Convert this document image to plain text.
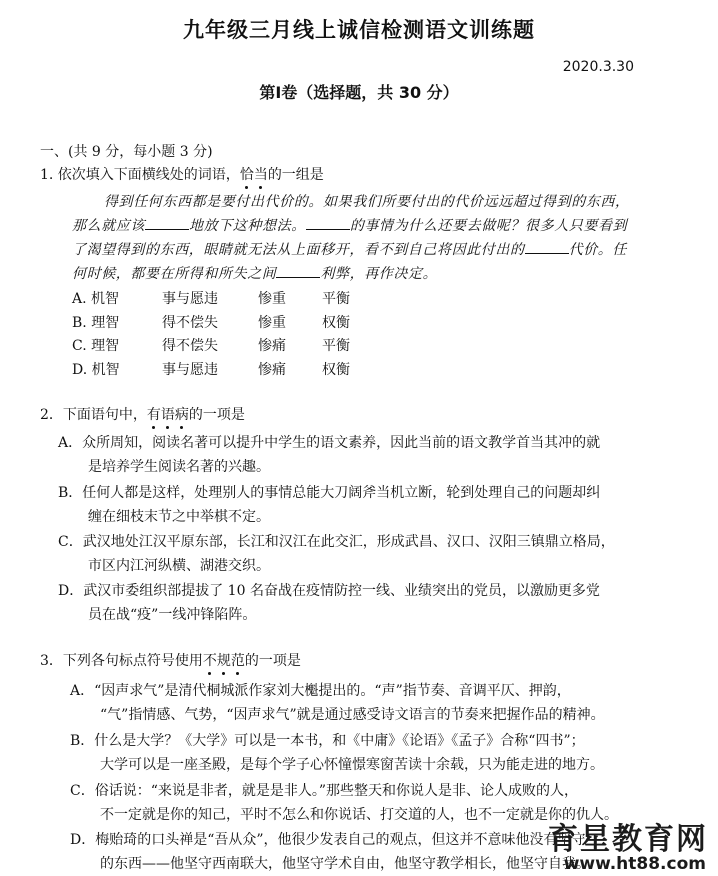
九年级三月线上诚信检测语文训练题
2020.3.30
第Ⅰ卷（选择题，共 30 分）
一、(共 9 分，每小题 3 分)
1. 依次填入下面横线处的词语，恰当的一组是
得到任何东西都是要付出代价的。如果我们所要付出的代价远远超过得到的东西，
那么就应该	地放下这种想法。	的事情为什么还要去做呢？很多人只要看到
了渴望得到的东西，眼睛就无法从上面移开，看不到自己将因此付出的	代价。任
何时候，都要在所得和所失之间	利弊，再作决定。
A. 机智	事与愿违	惨重	平衡
B. 理智	得不偿失	惨重	权衡
C. 理智	得不偿失	惨痛	平衡
D. 机智	事与愿违	惨痛	权衡
2．下面语句中，有语病的一项是
A．众所周知，阅读名著可以提升中学生的语文素养，因此当前的语文教学首当其冲的就
是培养学生阅读名著的兴趣。
B．任何人都是这样，处理别人的事情总能大刀阔斧当机立断，轮到处理自己的问题却纠
缠在细枝末节之中举棋不定。
C．武汉地处江汉平原东部，长江和汉江在此交汇，形成武昌、汉口、汉阳三镇鼎立格局，
市区内江河纵横、湖港交织。
D．武汉市委组织部提拔了 10 名奋战在疫情防控一线、业绩突出的党员，以激励更多党
员在战“疫”一线冲锋陷阵。
3．下列各句标点符号使用不规范的一项是
A．“因声求气”是清代桐城派作家刘大櫆提出的。“声”指节奏、音调平仄、押韵，
“气”指情感、气势，“因声求气”就是通过感受诗文语言的节奏来把握作品的精神。
B．什么是大学？《大学》可以是一本书，和《中庸》《论语》《孟子》合称“四书”；
大学可以是一座圣殿，是每个学子心怀憧憬寒窗苦读十余载，只为能走进的地方。
C．俗话说：“来说是非者，就是是非人。”那些整天和你说人是非、论人成败的人，
不一定就是你的知己，平时不怎么和你说话、打交道的人，也不一定就是你的仇人。
D．梅贻琦的口头禅是“吾从众”，他很少发表自己的观点，但这并不意味他没有坚守
的东西——他坚守西南联大，他坚守学术自由，他坚守教学相长，他坚守自我。
育星教育网
www.ht88.com
